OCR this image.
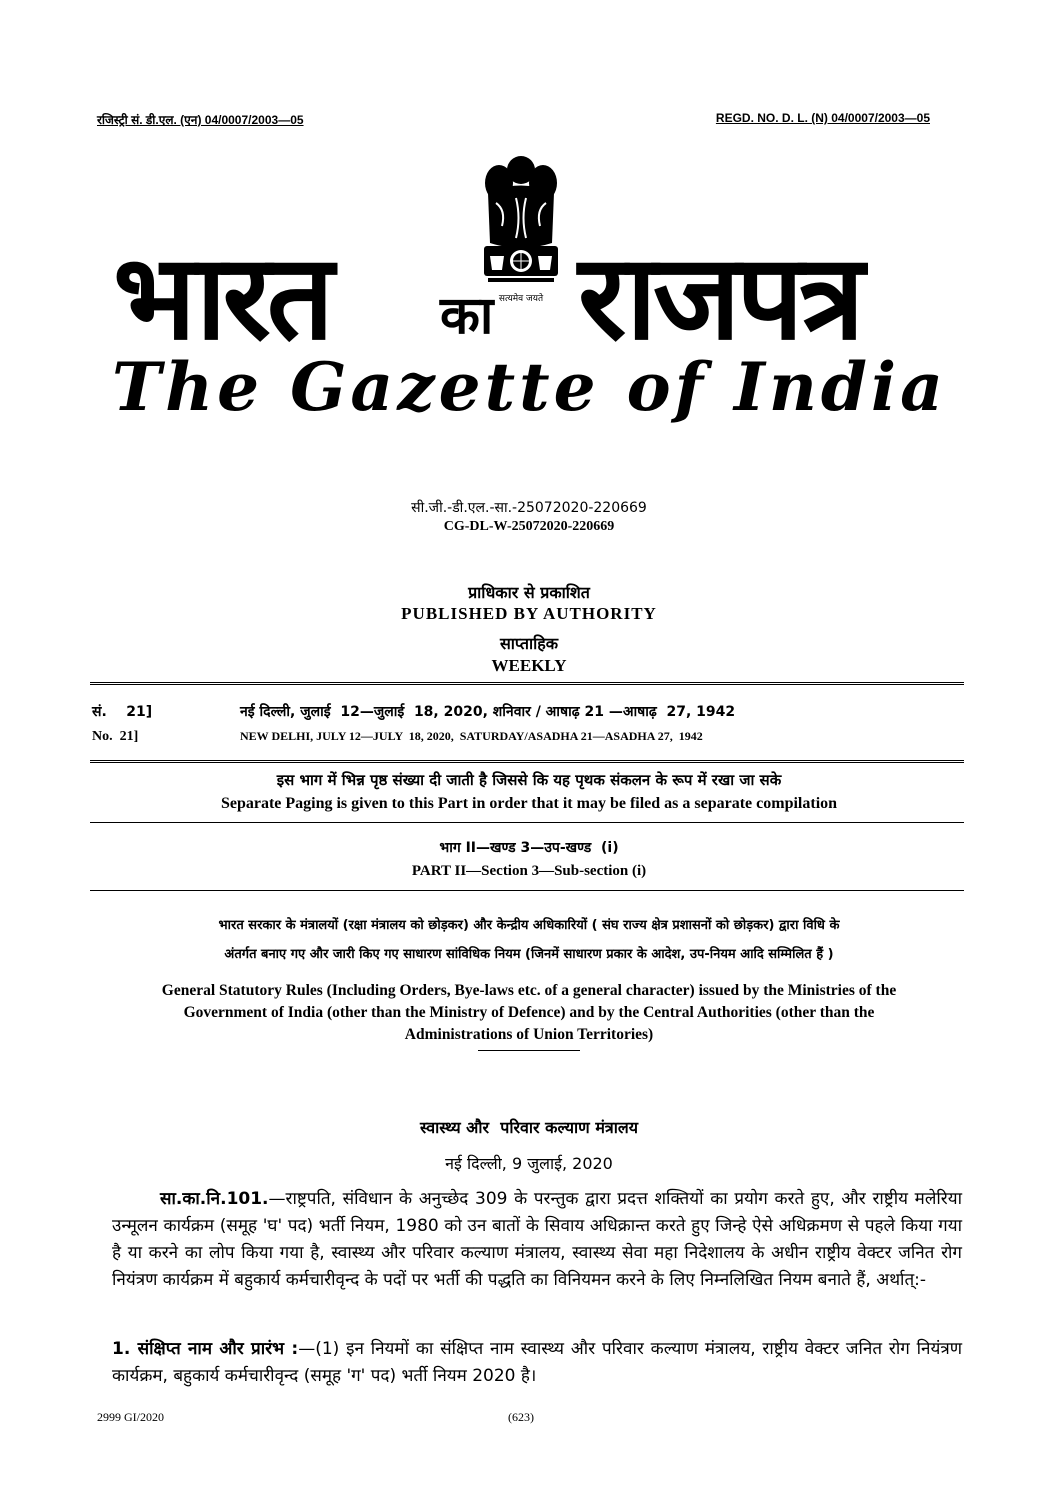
रजिस्ट्री सं. डी.एल. (एन) 04/0007/2003—05	REGD. NO. D. L. (N) 04/0007/2003—05
सत्यमेव जयते
भारत का राजपत्र
The Gazette of India
सी.जी.-डी.एल.-सा.-25072020-220669
CG-DL-W-25072020-220669
प्राधिकार से प्रकाशित
PUBLISHED BY AUTHORITY
साप्ताहिक
WEEKLY
सं.    21]	नई दिल्ली, जुलाई  12—जुलाई  18, 2020, शनिवार / आषाढ़ 21 —आषाढ़  27, 1942
No.  21]	NEW DELHI, JULY 12—JULY  18, 2020,  SATURDAY/ASADHA 21—ASADHA 27,  1942
इस भाग में भिन्न पृष्ठ संख्या दी जाती है जिससे कि यह पृथक संकलन के रूप में रखा जा सके
Separate Paging is given to this Part in order that it may be filed as a separate compilation
भाग II—खण्ड 3—उप-खण्ड  (i)
PART II—Section 3—Sub-section (i)
भारत सरकार के मंत्रालयों (रक्षा मंत्रालय को छोड़कर) और केन्द्रीय अधिकारियों ( संघ राज्य क्षेत्र प्रशासनों को छोड़कर) द्वारा विधि के
अंतर्गत बनाए गए और जारी किए गए साधारण सांविधिक नियम (जिनमें साधारण प्रकार के आदेश, उप-नियम आदि सम्मिलित हैं )
General Statutory Rules (Including Orders, Bye-laws etc. of a general character) issued by the Ministries of the
Government of India (other than the Ministry of Defence) and by the Central Authorities (other than the
Administrations of Union Territories)
स्वास्थ्य और  परिवार कल्याण मंत्रालय
नई दिल्ली, 9 जुलाई, 2020
सा.का.नि.101.—राष्ट्रपति, संविधान के अनुच्छेद 309 के परन्तुक द्वारा प्रदत्त शक्तियों का प्रयोग करते हुए, और राष्ट्रीय मलेरिया उन्मूलन कार्यक्रम (समूह 'घ' पद) भर्ती नियम, 1980 को उन बातों के सिवाय अधिक्रान्त करते हुए जिन्हे ऐसे अधिक्रमण से पहले किया गया है या करने का लोप किया गया है, स्वास्थ्य और परिवार कल्याण मंत्रालय, स्वास्थ्य सेवा महा निदेशालय के अधीन राष्ट्रीय वेक्टर जनित रोग नियंत्रण कार्यक्रम में बहुकार्य कर्मचारीवृन्द के पदों पर भर्ती की पद्धति का विनियमन करने के लिए निम्नलिखित नियम बनाते हैं, अर्थात्:-
1. संक्षिप्त नाम और प्रारंभ :—(1) इन नियमों का संक्षिप्त नाम स्वास्थ्य और परिवार कल्याण मंत्रालय, राष्ट्रीय वेक्टर जनित रोग नियंत्रण कार्यक्रम, बहुकार्य कर्मचारीवृन्द (समूह 'ग' पद) भर्ती नियम 2020 है।
2999 GI/2020	(623)
